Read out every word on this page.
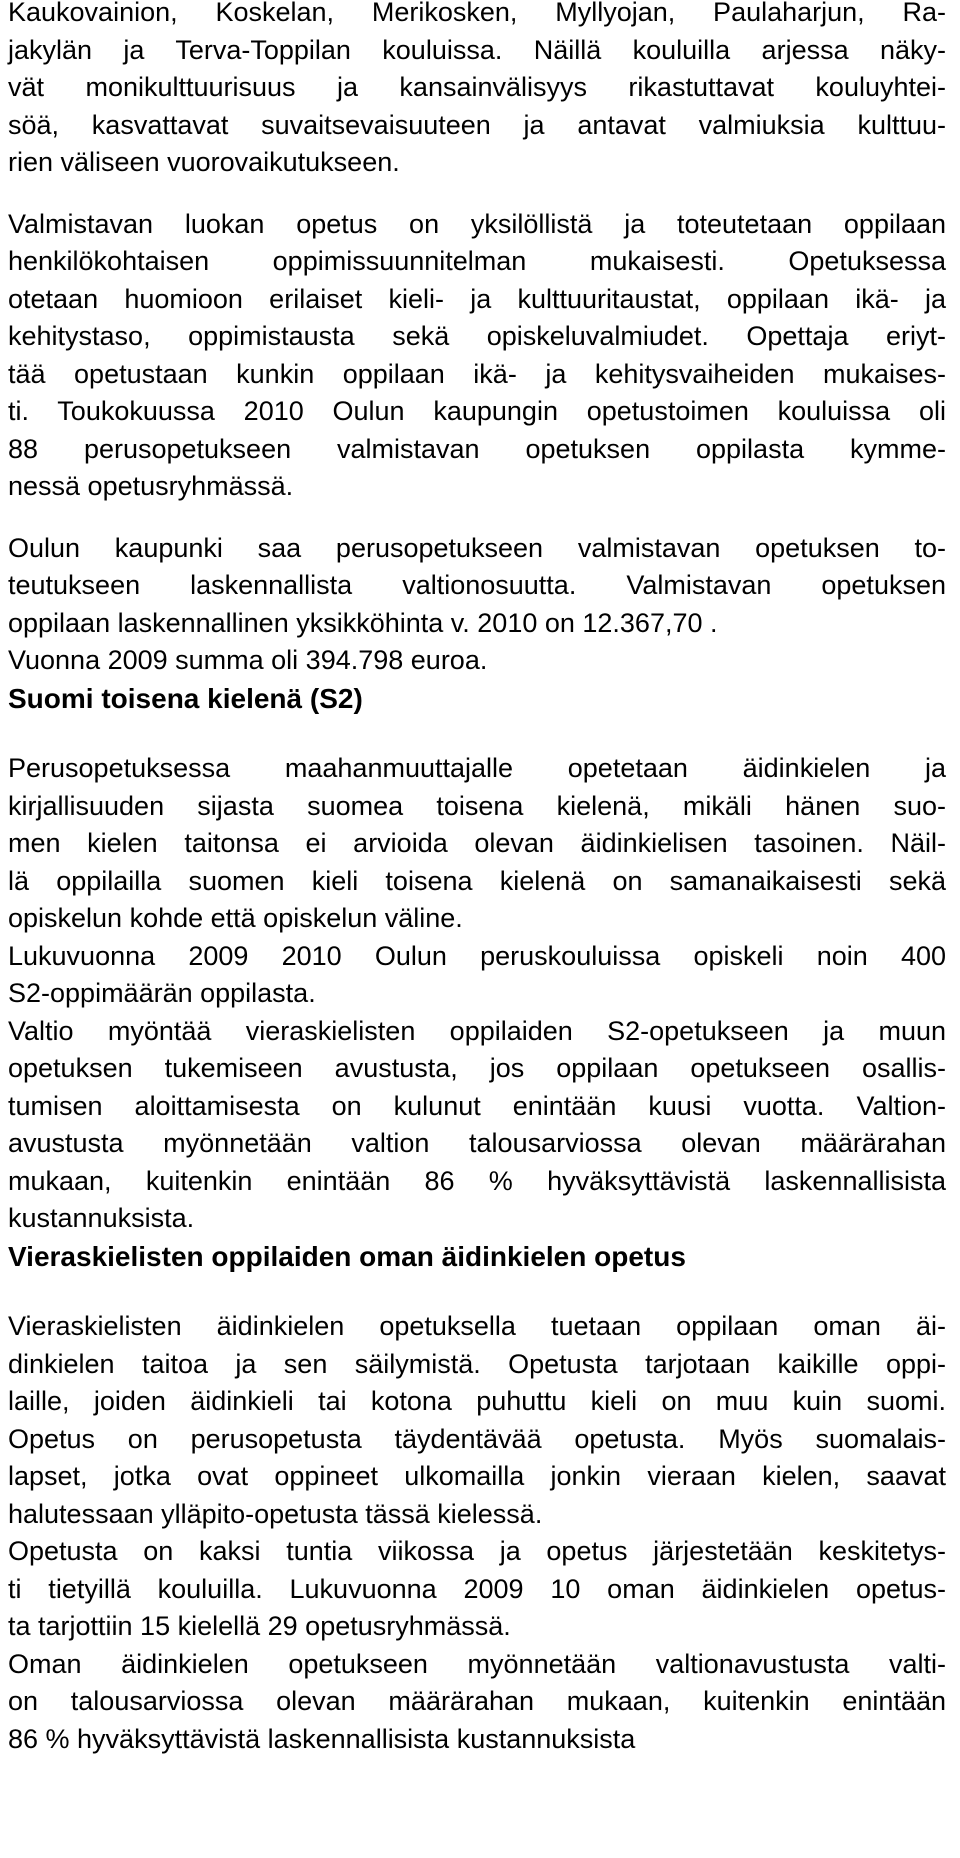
Kaukovainion, Koskelan, Merikosken, Myllyojan, Paulaharjun, Ra-
jakylän ja Terva-Toppilan kouluissa. Näillä kouluilla arjessa näky-
vät monikulttuurisuus ja kansainvälisyys rikastuttavat kouluyhtei-
söä, kasvattavat suvaitsevaisuuteen ja antavat valmiuksia kulttuu-
rien väliseen vuorovaikutukseen.
Valmistavan luokan opetus on yksilöllistä ja toteutetaan oppilaan
henkilökohtaisen oppimissuunnitelman mukaisesti. Opetuksessa
otetaan huomioon erilaiset kieli- ja kulttuuritaustat, oppilaan ikä- ja
kehitystaso, oppimistausta sekä opiskeluvalmiudet. Opettaja eriyt-
tää opetustaan kunkin oppilaan ikä- ja kehitysvaiheiden mukaises-
ti. Toukokuussa 2010 Oulun kaupungin opetustoimen kouluissa oli
88 perusopetukseen valmistavan opetuksen oppilasta kymme-
nessä opetusryhmässä.
Oulun kaupunki saa perusopetukseen valmistavan opetuksen to-
teutukseen laskennallista valtionosuutta. Valmistavan opetuksen
oppilaan laskennallinen yksikköhinta v. 2010 on 12.367,70 .
Vuonna 2009 summa oli 394.798 euroa.
Suomi toisena kielenä (S2)
Perusopetuksessa maahanmuuttajalle opetetaan äidinkielen ja
kirjallisuuden sijasta suomea toisena kielenä, mikäli hänen suo-
men kielen taitonsa ei arvioida olevan äidinkielisen tasoinen. Näil-
lä oppilailla suomen kieli toisena kielenä on samanaikaisesti sekä
opiskelun kohde että opiskelun väline.
Lukuvuonna 2009 2010 Oulun peruskouluissa opiskeli noin 400
S2-oppimäärän oppilasta.
Valtio myöntää vieraskielisten oppilaiden S2-opetukseen ja muun
opetuksen tukemiseen avustusta, jos oppilaan opetukseen osallis-
tumisen aloittamisesta on kulunut enintään kuusi vuotta. Valtion-
avustusta myönnetään valtion talousarviossa olevan määrärahan
mukaan, kuitenkin enintään 86 % hyväksyttävistä laskennallisista
kustannuksista.
Vieraskielisten oppilaiden oman äidinkielen opetus
Vieraskielisten äidinkielen opetuksella tuetaan oppilaan oman äi-
dinkielen taitoa ja sen säilymistä. Opetusta tarjotaan kaikille oppi-
laille, joiden äidinkieli tai kotona puhuttu kieli on muu kuin suomi.
Opetus on perusopetusta täydentävää opetusta. Myös suomalais-
lapset, jotka ovat oppineet ulkomailla jonkin vieraan kielen, saavat
halutessaan ylläpito-opetusta tässä kielessä.
Opetusta on kaksi tuntia viikossa ja opetus järjestetään keskitetys-
ti tietyillä kouluilla. Lukuvuonna 2009 10 oman äidinkielen opetus-
ta tarjottiin 15 kielellä 29 opetusryhmässä.
Oman äidinkielen opetukseen myönnetään valtionavustusta valti-
on talousarviossa olevan määrärahan mukaan, kuitenkin enintään
86 % hyväksyttävistä laskennallisista kustannuksista
